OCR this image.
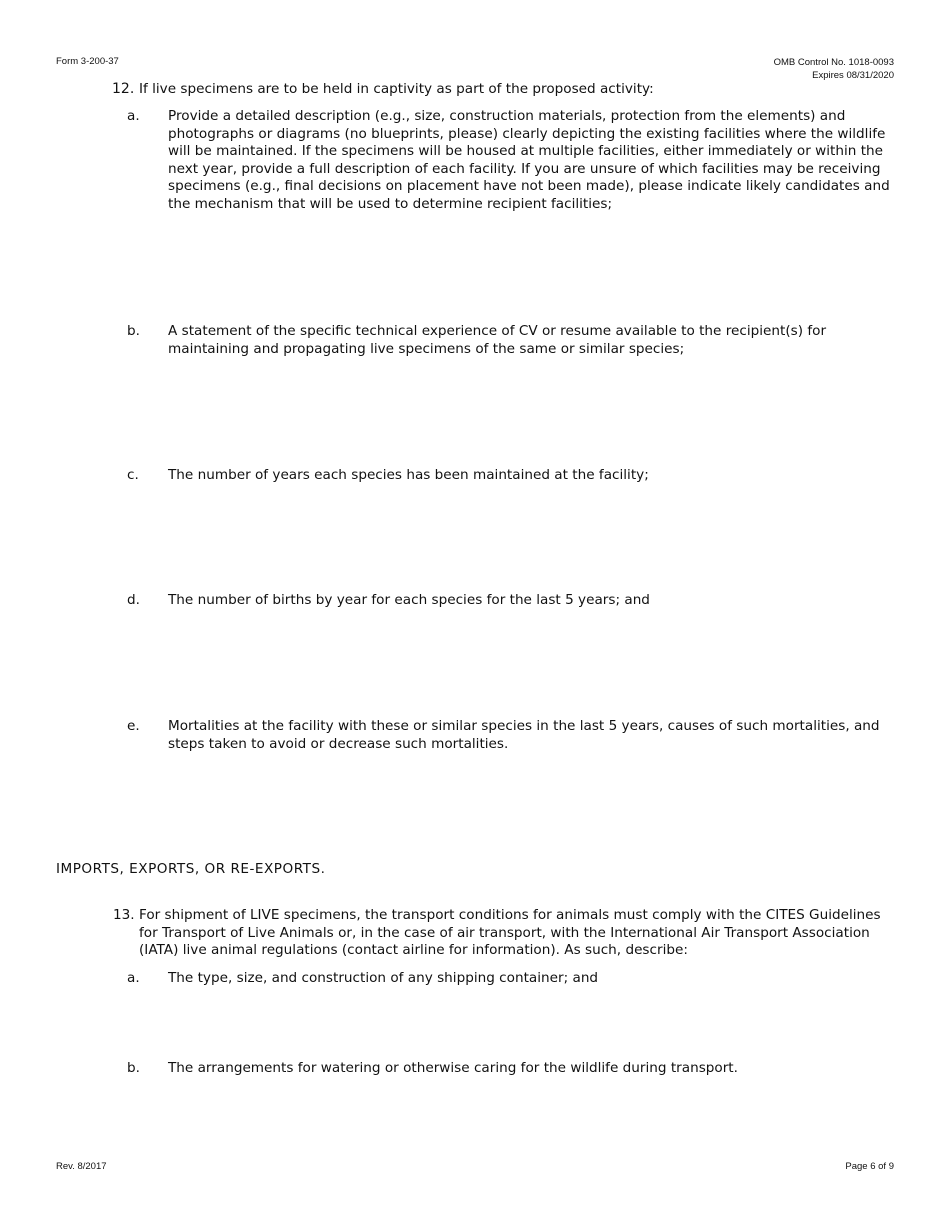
Form 3-200-37	OMB Control No. 1018-0093
Expires 08/31/2020
12. If live specimens are to be held in captivity as part of the proposed activity:
a. Provide a detailed description (e.g., size, construction materials, protection from the elements) and photographs or diagrams (no blueprints, please) clearly depicting the existing facilities where the wildlife will be maintained. If the specimens will be housed at multiple facilities, either immediately or within the next year, provide a full description of each facility. If you are unsure of which facilities may be receiving specimens (e.g., final decisions on placement have not been made), please indicate likely candidates and the mechanism that will be used to determine recipient facilities;
b. A statement of the specific technical experience of CV or resume available to the recipient(s) for maintaining and propagating live specimens of the same or similar species;
c. The number of years each species has been maintained at the facility;
d. The number of births by year for each species for the last 5 years; and
e. Mortalities at the facility with these or similar species in the last 5 years, causes of such mortalities, and steps taken to avoid or decrease such mortalities.
IMPORTS, EXPORTS, OR RE-EXPORTS.
13. For shipment of LIVE specimens, the transport conditions for animals must comply with the CITES Guidelines for Transport of Live Animals or, in the case of air transport, with the International Air Transport Association (IATA) live animal regulations (contact airline for information). As such, describe:
a. The type, size, and construction of any shipping container; and
b. The arrangements for watering or otherwise caring for the wildlife during transport.
Rev. 8/2017	Page 6 of 9
